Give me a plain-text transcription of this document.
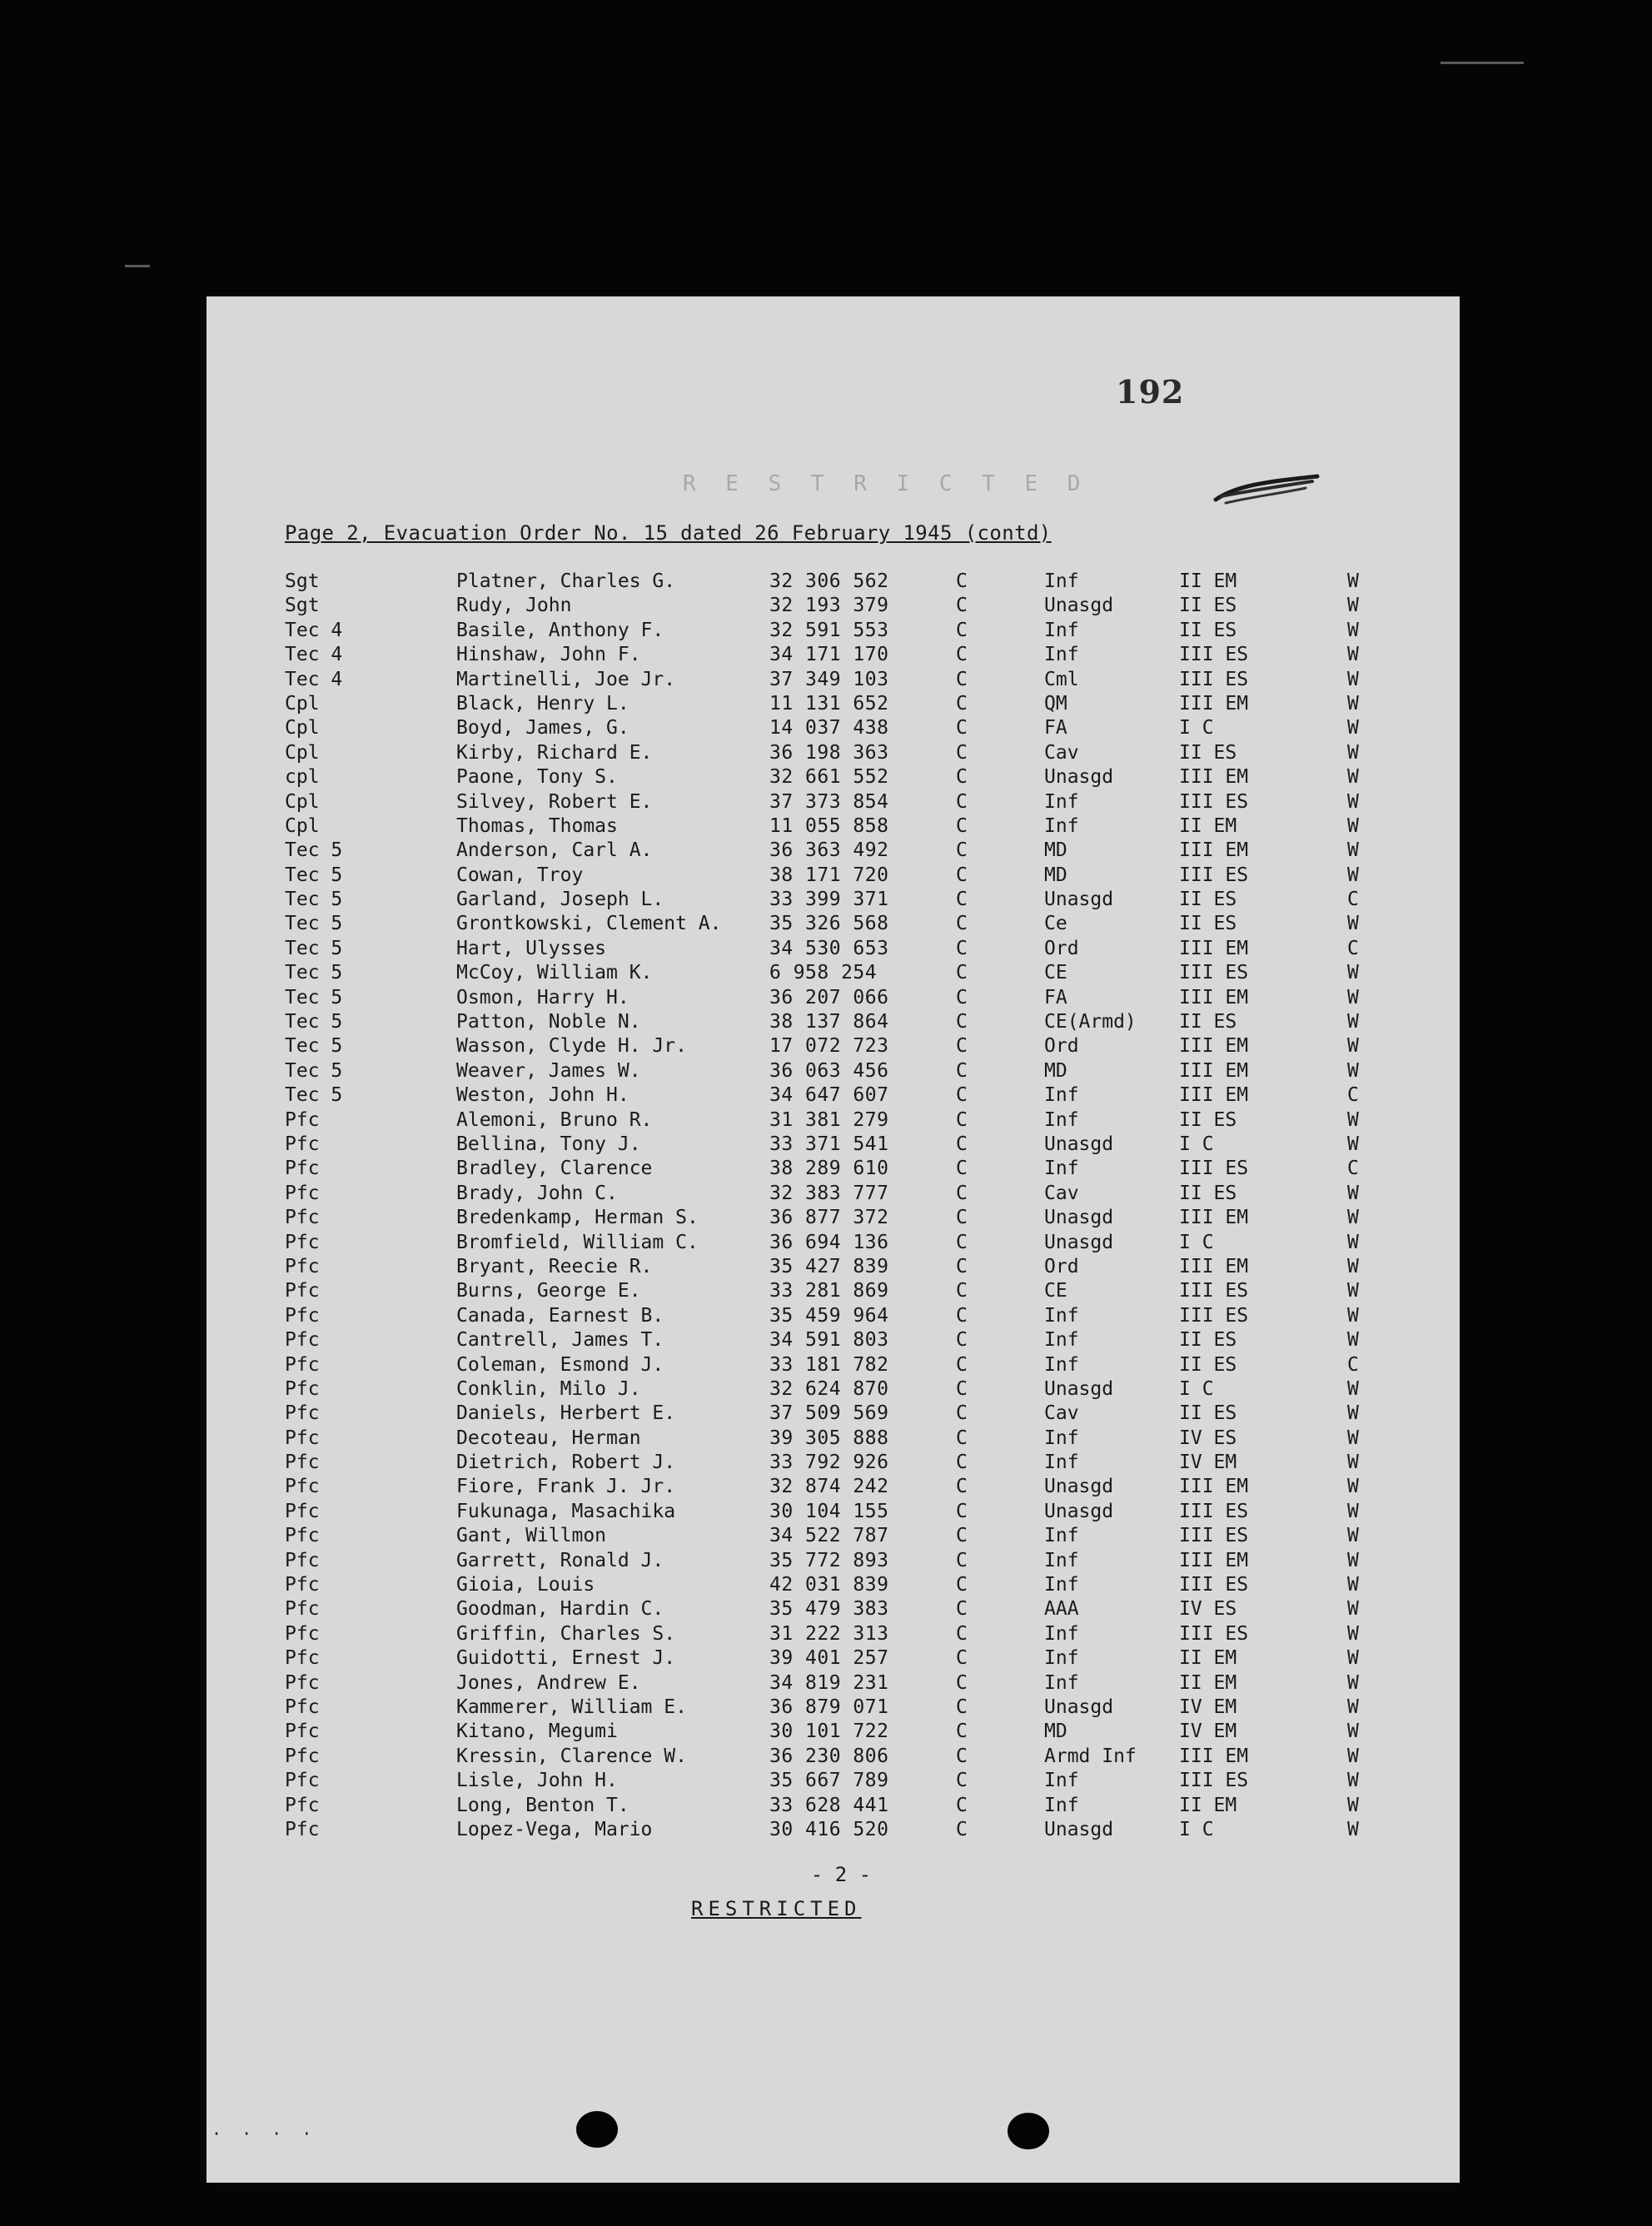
192
R E S T R I C T E D
Page 2, Evacuation Order No. 15 dated 26 February 1945 (contd)
Sgt	Platner, Charles G.	32 306 562	C	Inf	II EM	W
Sgt	Rudy, John	32 193 379	C	Unasgd	II ES	W
Tec 4	Basile, Anthony F.	32 591 553	C	Inf	II ES	W
Tec 4	Hinshaw, John F.	34 171 170	C	Inf	III ES	W
Tec 4	Martinelli, Joe Jr.	37 349 103	C	Cml	III ES	W
Cpl	Black, Henry L.	11 131 652	C	QM	III EM	W
Cpl	Boyd, James, G.	14 037 438	C	FA	I C	W
Cpl	Kirby, Richard E.	36 198 363	C	Cav	II ES	W
cpl	Paone, Tony S.	32 661 552	C	Unasgd	III EM	W
Cpl	Silvey, Robert E.	37 373 854	C	Inf	III ES	W
Cpl	Thomas, Thomas	11 055 858	C	Inf	II EM	W
Tec 5	Anderson, Carl A.	36 363 492	C	MD	III EM	W
Tec 5	Cowan, Troy	38 171 720	C	MD	III ES	W
Tec 5	Garland, Joseph L.	33 399 371	C	Unasgd	II ES	C
Tec 5	Grontkowski, Clement A.	35 326 568	C	Ce	II ES	W
Tec 5	Hart, Ulysses	34 530 653	C	Ord	III EM	C
Tec 5	McCoy, William K.	6 958 254	C	CE	III ES	W
Tec 5	Osmon, Harry H.	36 207 066	C	FA	III EM	W
Tec 5	Patton, Noble N.	38 137 864	C	CE(Armd) II ES	W
Tec 5	Wasson, Clyde H. Jr.	17 072 723	C	Ord	III EM	W
Tec 5	Weaver, James W.	36 063 456	C	MD	III EM	W
Tec 5	Weston, John H.	34 647 607	C	Inf	III EM	C
Pfc	Alemoni, Bruno R.	31 381 279	C	Inf	II ES	W
Pfc	Bellina, Tony J.	33 371 541	C	Unasgd	I C	W
Pfc	Bradley, Clarence	38 289 610	C	Inf	III ES	C
Pfc	Brady, John C.	32 383 777	C	Cav	II ES	W
Pfc	Bredenkamp, Herman S.	36 877 372	C	Unasgd	III EM	W
Pfc	Bromfield, William C.	36 694 136	C	Unasgd	I C	W
Pfc	Bryant, Reecie R.	35 427 839	C	Ord	III EM	W
Pfc	Burns, George E.	33 281 869	C	CE	III ES	W
Pfc	Canada, Earnest B.	35 459 964	C	Inf	III ES	W
Pfc	Cantrell, James T.	34 591 803	C	Inf	II ES	W
Pfc	Coleman, Esmond J.	33 181 782	C	Inf	II ES	C
Pfc	Conklin, Milo J.	32 624 870	C	Unasgd	I C	W
Pfc	Daniels, Herbert E.	37 509 569	C	Cav	II ES	W
Pfc	Decoteau, Herman	39 305 888	C	Inf	IV ES	W
Pfc	Dietrich, Robert J.	33 792 926	C	Inf	IV EM	W
Pfc	Fiore, Frank J. Jr.	32 874 242	C	Unasgd	III EM	W
Pfc	Fukunaga, Masachika	30 104 155	C	Unasgd	III ES	W
Pfc	Gant, Willmon	34 522 787	C	Inf	III ES	W
Pfc	Garrett, Ronald J.	35 772 893	C	Inf	III EM	W
Pfc	Gioia, Louis	42 031 839	C	Inf	III ES	W
Pfc	Goodman, Hardin C.	35 479 383	C	AAA	IV ES	W
Pfc	Griffin, Charles S.	31 222 313	C	Inf	III ES	W
Pfc	Guidotti, Ernest J.	39 401 257	C	Inf	II EM	W
Pfc	Jones, Andrew E.	34 819 231	C	Inf	II EM	W
Pfc	Kammerer, William E.	36 879 071	C	Unasgd	IV EM	W
Pfc	Kitano, Megumi	30 101 722	C	MD	IV EM	W
Pfc	Kressin, Clarence W.	36 230 806	C	Armd Inf III EM	W
Pfc	Lisle, John H.	35 667 789	C	Inf	III ES	W
Pfc	Long, Benton T.	33 628 441	C	Inf	II EM	W
Pfc	Lopez-Vega, Mario	30 416 520	C	Unasgd	I C	W
- 2 -
RESTRICTED
· · · ·
